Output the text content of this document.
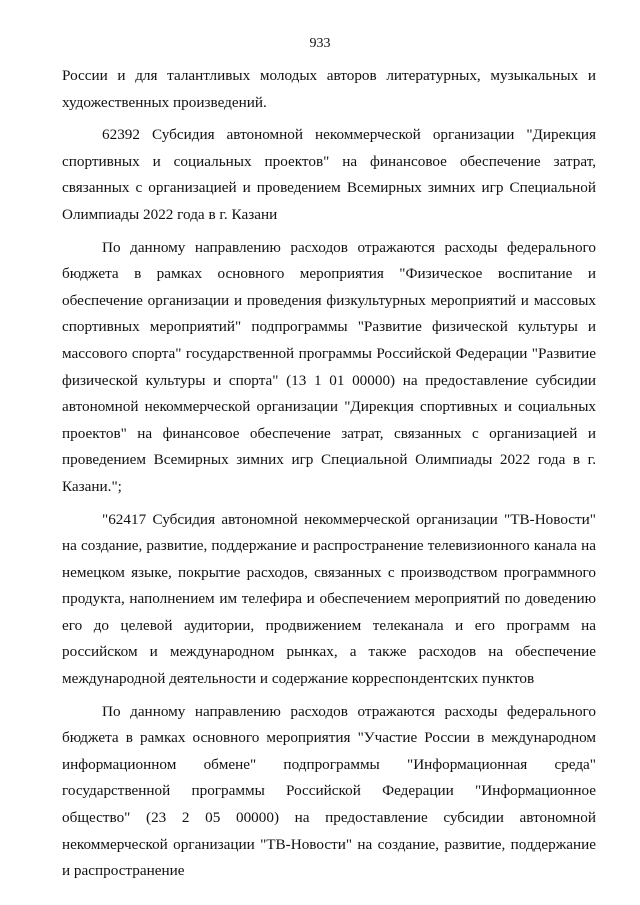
933

России и для талантливых молодых авторов литературных, музыкальных и художественных произведений.

62392 Субсидия автономной некоммерческой организации "Дирекция спортивных и социальных проектов" на финансовое обеспечение затрат, связанных с организацией и проведением Всемирных зимних игр Специальной Олимпиады 2022 года в г. Казани

По данному направлению расходов отражаются расходы федерального бюджета в рамках основного мероприятия "Физическое воспитание и обеспечение организации и проведения физкультурных мероприятий и массовых спортивных мероприятий" подпрограммы "Развитие физической культуры и массового спорта" государственной программы Российской Федерации "Развитие физической культуры и спорта" (13 1 01 00000) на предоставление субсидии автономной некоммерческой организации "Дирекция спортивных и социальных проектов" на финансовое обеспечение затрат, связанных с организацией и проведением Всемирных зимних игр Специальной Олимпиады 2022 года в г. Казани.";

"62417 Субсидия автономной некоммерческой организации "ТВ-Новости" на создание, развитие, поддержание и распространение телевизионного канала на немецком языке, покрытие расходов, связанных с производством программного продукта, наполнением им телефира и обеспечением мероприятий по доведению его до целевой аудитории, продвижением телеканала и его программ на российском и международном рынках, а также расходов на обеспечение международной деятельности и содержание корреспондентских пунктов

По данному направлению расходов отражаются расходы федерального бюджета в рамках основного мероприятия "Участие России в международном информационном обмене" подпрограммы "Информационная среда" государственной программы Российской Федерации "Информационное общество" (23 2 05 00000) на предоставление субсидии автономной некоммерческой организации "ТВ-Новости" на создание, развитие, поддержание и распространение
